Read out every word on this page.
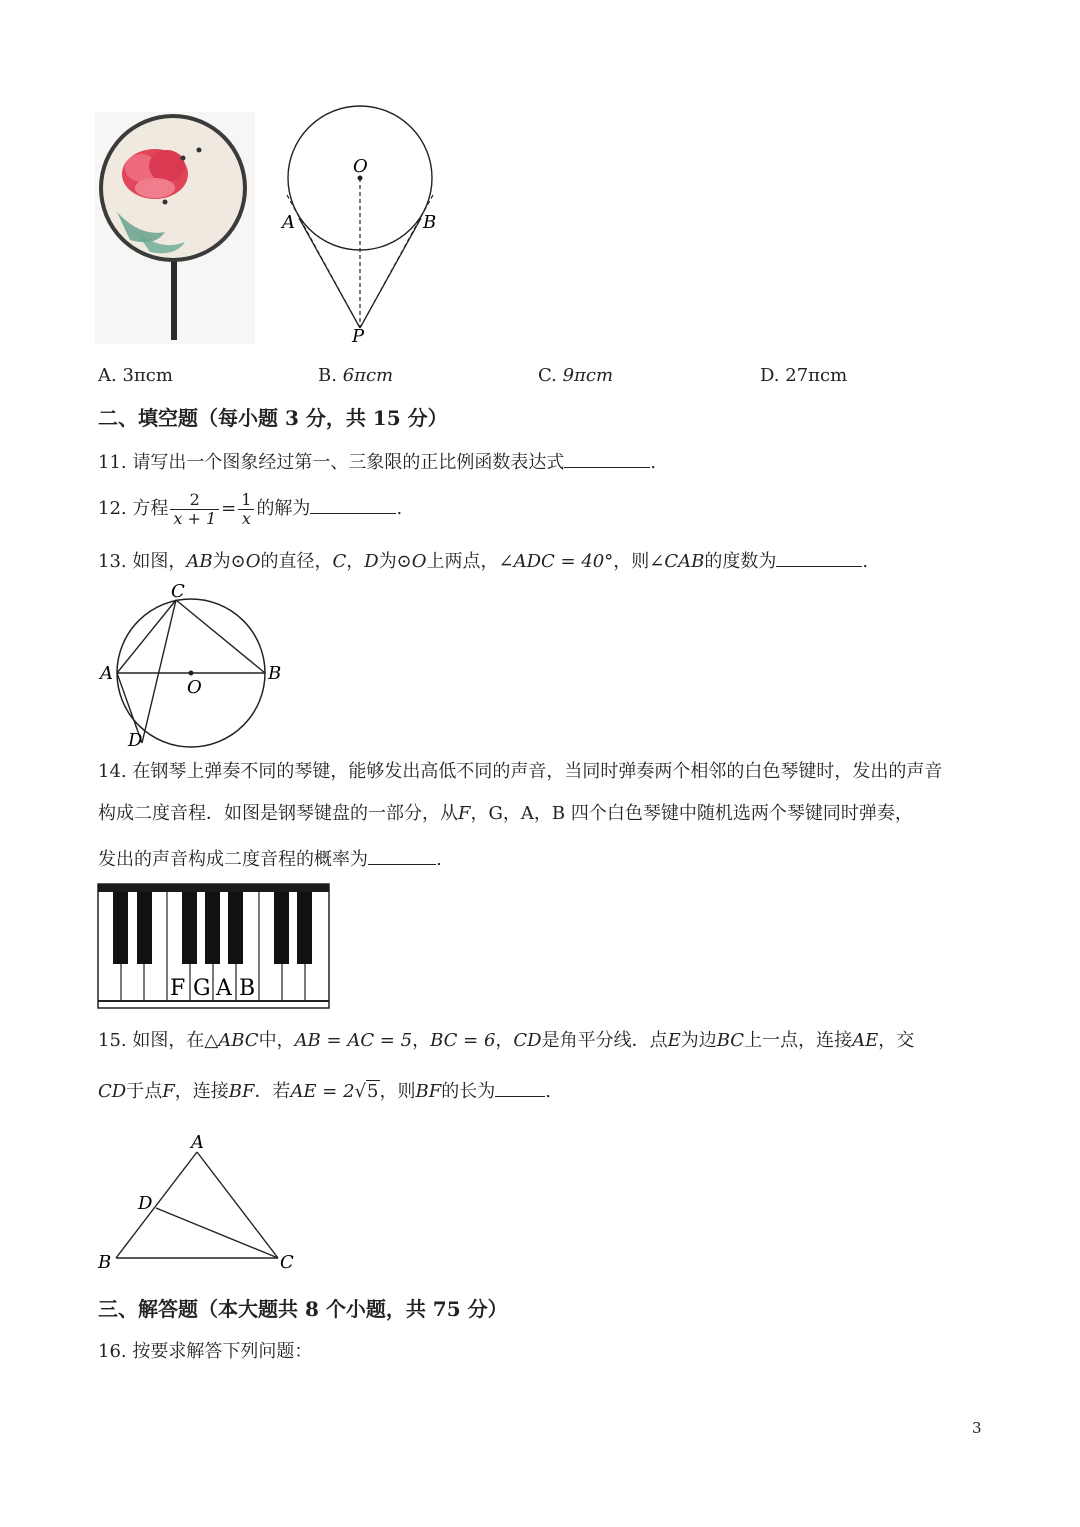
O
A	B
P
A. 3πcm	B. 6πcm	C. 9πcm	D. 27πcm
二、填空题（每小题 3 分，共 15 分）
11. 请写出一个图象经过第一、三象限的正比例函数表达式	.
12. 方程 $\frac{2}{x + 1} = \frac{1}{x}$ 的解为	.
13. 如图，AB为⊙O的直径，C，D为⊙O上两点，∠ADC = 40°，则∠CAB的度数为	.
C
A	B
O
D
14. 在钢琴上弹奏不同的琴键，能够发出高低不同的声音，当同时弹奏两个相邻的白色琴键时，发出的声音
构成二度音程．如图是钢琴键盘的一部分，从F，G，A，B 四个白色琴键中随机选两个琴键同时弹奏，
发出的声音构成二度音程的概率为	.
F G A B
15. 如图，在△ABC中，AB = AC = 5，BC = 6，CD是角平分线．点E为边BC上一点，连接AE，交
CD于点F，连接BF．若AE = 2√5，则BF的长为	.
A
D
B	C
三、解答题（本大题共 8 个小题，共 75 分）
16. 按要求解答下列问题：
3
